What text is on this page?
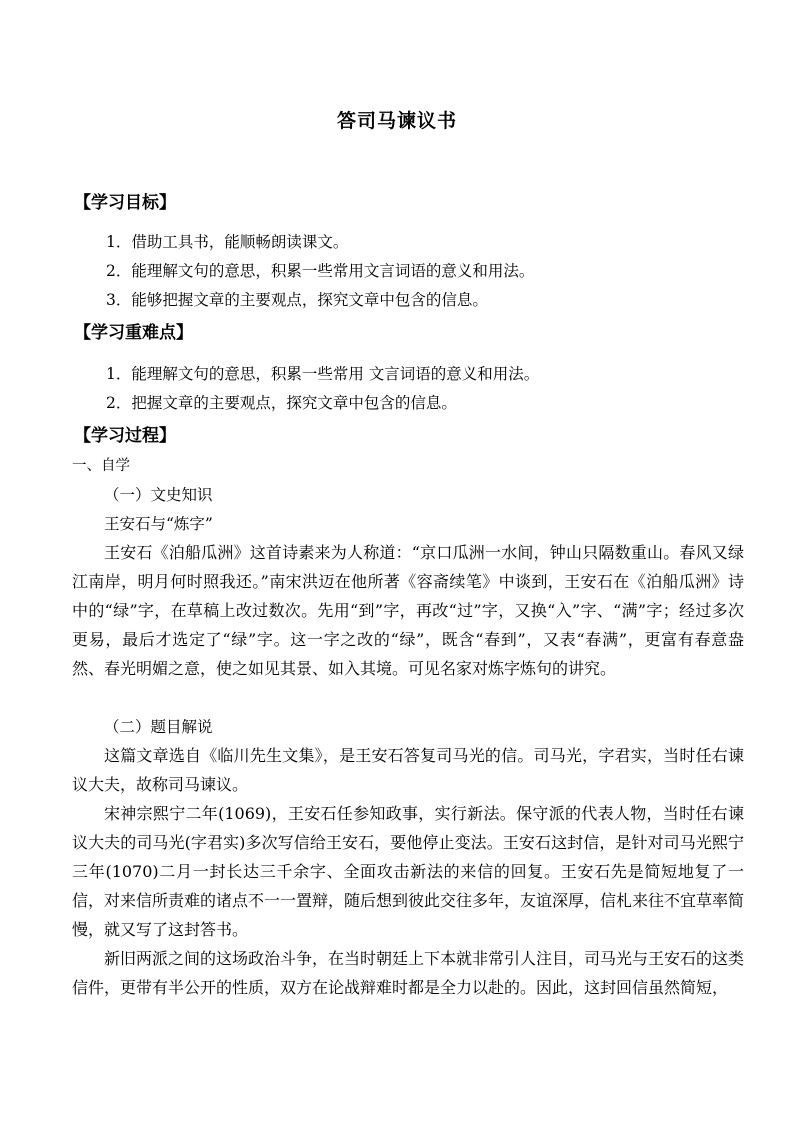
答司马谏议书
【学习目标】
1．借助工具书，能顺畅朗读课文。
2．能理解文句的意思，积累一些常用文言词语的意义和用法。
3．能够把握文章的主要观点，探究文章中包含的信息。
【学习重难点】
1．能理解文句的意思，积累一些常用 文言词语的意义和用法。
2．把握文章的主要观点，探究文章中包含的信息。
【学习过程】
一、自学
（一）文史知识
王安石与“炼字”
王安石《泊船瓜洲》这首诗素来为人称道：“京口瓜洲一水间，钟山只隔数重山。春风又绿江南岸，明月何时照我还。”南宋洪迈在他所著《容斋续笔》中谈到，王安石在《泊船瓜洲》诗中的“绿”字，在草稿上改过数次。先用“到”字，再改“过”字，又换“入”字、“满”字；经过多次更易，最后才选定了“绿”字。这一字之改的“绿”，既含“春到”，又表“春满”，更富有春意盎然、春光明媚之意，使之如见其景、如入其境。可见名家对炼字炼句的讲究。
（二）题目解说
这篇文章选自《临川先生文集》，是王安石答复司马光的信。司马光，字君实，当时任右谏议大夫，故称司马谏议。
宋神宗熙宁二年(1069)，王安石任参知政事，实行新法。保守派的代表人物，当时任右谏议大夫的司马光(字君实)多次写信给王安石，要他停止变法。王安石这封信，是针对司马光熙宁三年(1070)二月一封长达三千余字、全面攻击新法的来信的回复。王安石先是简短地复了一信，对来信所责难的诸点不一一置辩，随后想到彼此交往多年，友谊深厚，信札来往不宜草率简慢，就又写了这封答书。
新旧两派之间的这场政治斗争，在当时朝廷上下本就非常引人注目，司马光与王安石的这类信件，更带有半公开的性质，双方在论战辩难时都是全力以赴的。因此，这封回信虽然简短，
